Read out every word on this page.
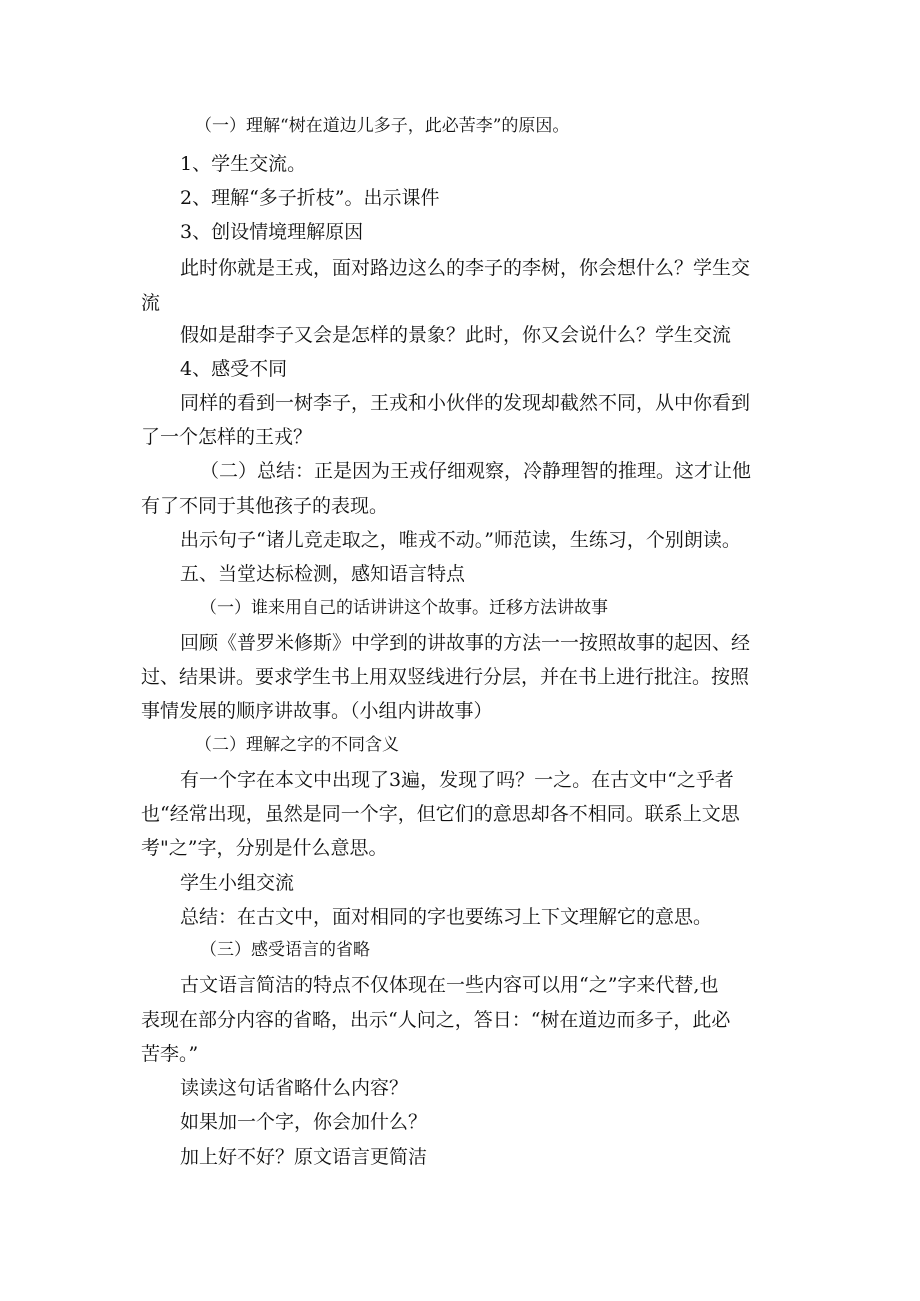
（一）理解“树在道边儿多子，此必苦李”的原因。
1、学生交流。
2、理解“多子折枝”。出示课件
3、创设情境理解原因
此时你就是王戎，面对路边这么的李子的李树，你会想什么？学生交
流
假如是甜李子又会是怎样的景象？此时，你又会说什么？学生交流
4、感受不同
同样的看到一树李子，王戎和小伙伴的发现却截然不同，从中你看到
了一个怎样的王戎？
（二）总结：正是因为王戎仔细观察，冷静理智的推理。这才让他
有了不同于其他孩子的表现。
出示句子“诸儿竞走取之，唯戎不动。”师范读，生练习，个别朗读。
五、当堂达标检测，感知语言特点
（一）谁来用自己的话讲讲这个故事。迁移方法讲故事
回顾《普罗米修斯》中学到的讲故事的方法一一按照故事的起因、经
过、结果讲。要求学生书上用双竖线进行分层，并在书上进行批注。按照
事情发展的顺序讲故事。（小组内讲故事）
（二）理解之字的不同含义
有一个字在本文中出现了3遍，发现了吗？一之。在古文中“之乎者
也“经常出现，虽然是同一个字，但它们的意思却各不相同。联系上文思
考"之”字，分别是什么意思。
学生小组交流
总结：在古文中，面对相同的字也要练习上下文理解它的意思。
（三）感受语言的省略
古文语言简洁的特点不仅体现在一些内容可以用“之”字来代替,也
表现在部分内容的省略，出示“人问之，答日：“树在道边而多子，此必
苦李。”
读读这句话省略什么内容？
如果加一个字，你会加什么？
加上好不好？原文语言更简洁
